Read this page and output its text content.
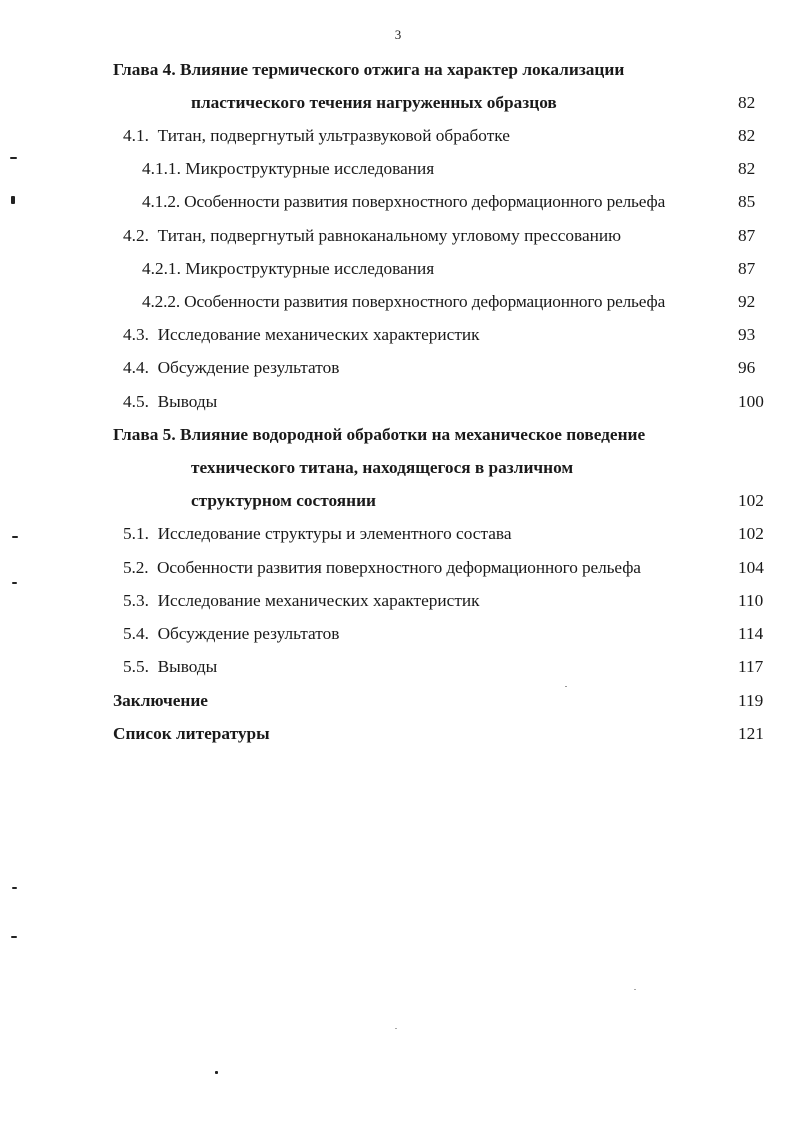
3
Глава 4. Влияние термического отжига на характер локализации
пластического течения нагруженных образцов	82
4.1. Титан, подвергнутый ультразвуковой обработке	82
4.1.1. Микроструктурные исследования	82
4.1.2. Особенности развития поверхностного деформационного рельефа	85
4.2. Титан, подвергнутый равноканальному угловому прессованию	87
4.2.1. Микроструктурные исследования	87
4.2.2. Особенности развития поверхностного деформационного рельефа	92
4.3. Исследование механических характеристик	93
4.4. Обсуждение результатов	96
4.5. Выводы	100
Глава 5. Влияние водородной обработки на механическое поведение
технического титана, находящегося в различном
структурном состоянии	102
5.1. Исследование структуры и элементного состава	102
5.2. Особенности развития поверхностного деформационного рельефа	104
5.3. Исследование механических характеристик	110
5.4. Обсуждение результатов	114
5.5. Выводы	117
Заключение	119
Список литературы	121
